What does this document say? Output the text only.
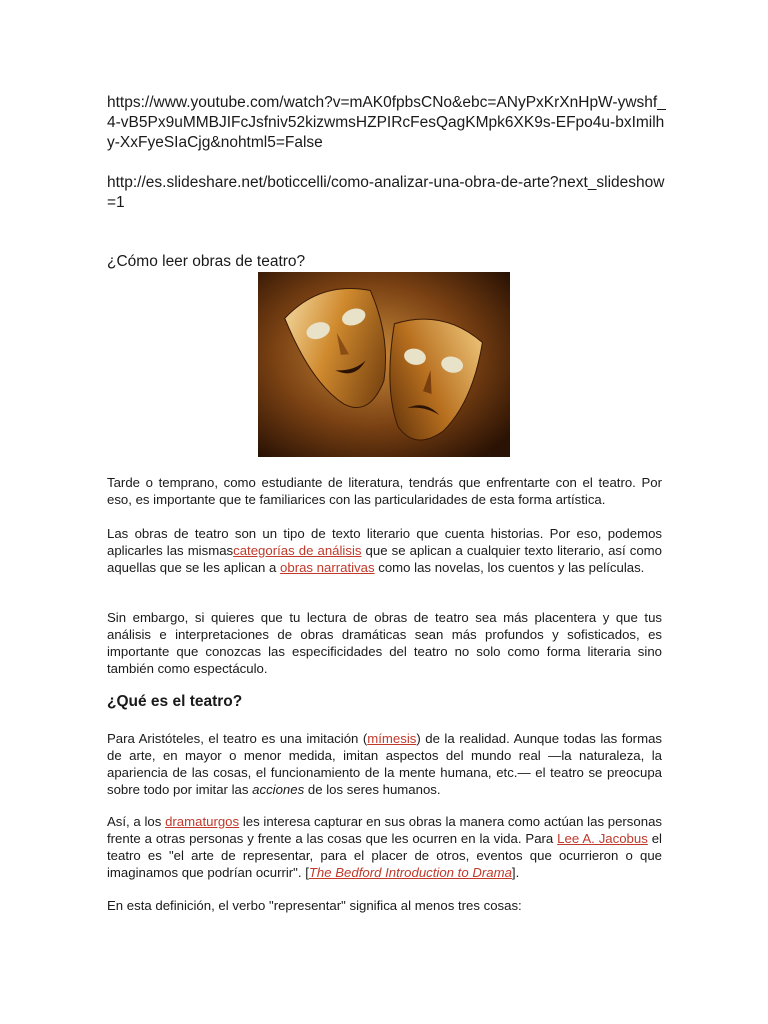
https://www.youtube.com/watch?v=mAK0fpbsCNo&ebc=ANyPxKrXnHpW-ywshf_4-vB5Px9uMMBJIFcJsfniv52kizwmsHZPIRcFesQagKMpk6XK9s-EFpo4u-bxImilhy-XxFyeSIaCjg&nohtml5=False

http://es.slideshare.net/boticcelli/como-analizar-una-obra-de-arte?next_slideshow=1

¿Cómo leer obras de teatro?

Tarde o temprano, como estudiante de literatura, tendrás que enfrentarte con el teatro. Por eso, es importante que te familiarices con las particularidades de esta forma artística.

Las obras de teatro son un tipo de texto literario que cuenta historias. Por eso, podemos aplicarles las mismascategorías de análisis que se aplican a cualquier texto literario, así como aquellas que se les aplican a obras narrativas como las novelas, los cuentos y las películas.

Sin embargo, si quieres que tu lectura de obras de teatro sea más placentera y que tus análisis e interpretaciones de obras dramáticas sean más profundos y sofisticados, es importante que conozcas las especificidades del teatro no solo como forma literaria sino también como espectáculo.

¿Qué es el teatro?

Para Aristóteles, el teatro es una imitación (mímesis) de la realidad. Aunque todas las formas de arte, en mayor o menor medida, imitan aspectos del mundo real —la naturaleza, la apariencia de las cosas, el funcionamiento de la mente humana, etc.— el teatro se preocupa sobre todo por imitar las acciones de los seres humanos.

Así, a los dramaturgos les interesa capturar en sus obras la manera como actúan las personas frente a otras personas y frente a las cosas que les ocurren en la vida. Para Lee A. Jacobus el teatro es "el arte de representar, para el placer de otros, eventos que ocurrieron o que imaginamos que podrían ocurrir". [The Bedford Introduction to Drama].

En esta definición, el verbo "representar" significa al menos tres cosas:
